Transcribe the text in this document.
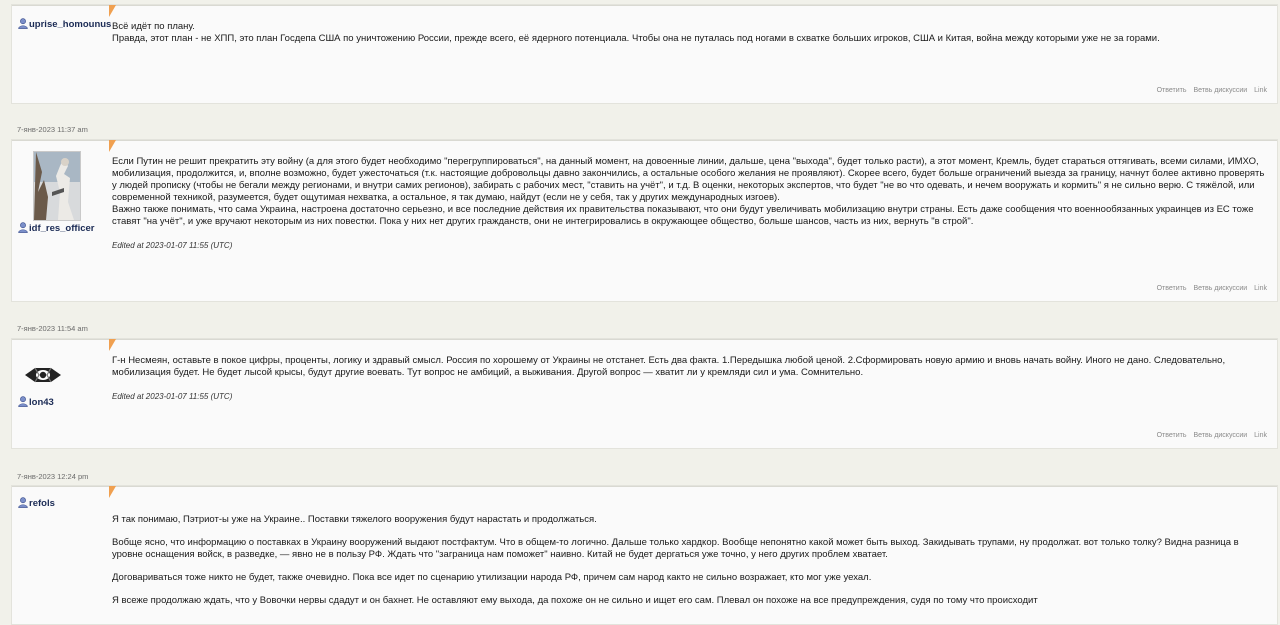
uprise_homounus Всё идёт по плану.

Правда, этот план - не ХПП, это план Госдепа США по уничтожению России, прежде всего, её ядерного потенциала. Чтобы она не путалась под ногами в схватке больших игроков, США и Китая, война между которыми уже не за горами.

Ответить Ветвь дискуссии Link
7-янв-2023 11:37 am
idf_res_officer

Если Путин не решит прекратить эту войну (а для этого будет необходимо "перегруппироваться", на данный момент, на довоенные линии, дальше, цена "выхода", будет только расти), а этот момент, Кремль, будет стараться оттягивать, всеми силами, ИМХО, мобилизация, продолжится, и, вполне возможно, будет ужесточаться (т.к. настоящие добровольцы давно закончились, а остальные особого желания не проявляют). Скорее всего, будет больше ограничений выезда за границу, начнут более активно проверять у людей прописку (чтобы не бегали между регионами, и внутри самих регионов), забирать с рабочих мест, "ставить на учёт", и т.д. В оценки, некоторых экспертов, что будет "не во что одевать, и нечем вооружать и кормить" я не сильно верю. С тяжёлой, или современной техникой, разумеется, будет ощутимая нехватка, а остальное, я так думаю, найдут (если не у себя, так у других международных изгоев).

Важно также понимать, что сама Украина, настроена достаточно серьезно, и все последние действия их правительства показывают, что они будут увеличивать мобилизацию внутри страны. Есть даже сообщения что военнообязанных украинцев из ЕС тоже ставят "на учёт", и уже вручают некоторым из них повестки. Пока у них нет других гражданств, они не интегрировались в окружающее общество, больше шансов, часть из них, вернуть "в строй".

Edited at 2023-01-07 11:55 (UTC)

Ответить Ветвь дискуссии Link
7-янв-2023 11:54 am
lon43

Г-н Несмеян, оставьте в покое цифры, проценты, логику и здравый смысл. Россия по хорошему от Украины не отстанет. Есть два факта. 1.Передышка любой ценой. 2.Сформировать новую армию и вновь начать войну. Иного не дано. Следовательно, мобилизация будет. Не будет лысой крысы, будут другие воевать. Тут вопрос не амбиций, а выживания. Другой вопрос — хватит ли у кремляди сил и ума. Сомнительно.

Edited at 2023-01-07 11:55 (UTC)

Ответить Ветвь дискуссии Link
7-янв-2023 12:24 pm
refols

Я так понимаю, Пэтриот-ы уже на Украине.. Поставки тяжелого вооружения будут нарастать и продолжаться.

Вобще ясно, что информацию о поставках в Украину вооружений выдают постфактум. Что в общем-то логично. Дальше только хардкор. Вообще непонятно какой может быть выход. Закидывать трупами, ну продолжат. вот только толку? Видна разница в уровне оснащения войск, в разведке, — явно не в пользу РФ. Ждать что "заграница нам поможет" наивно. Китай не будет дергаться уже точно, у него других проблем хватает.

Договариваться тоже никто не будет, также очевидно. Пока все идет по сценарию утилизации народа РФ, причем сам народ както не сильно возражает, кто мог уже уехал.

Я всеже продолжаю ждать, что у Вовочки нервы сдадут и он бахнет. Не оставляют ему выхода, да похоже он не сильно и ищет его сам. Плевал он похоже на все предупреждения, судя по тому что происходит
